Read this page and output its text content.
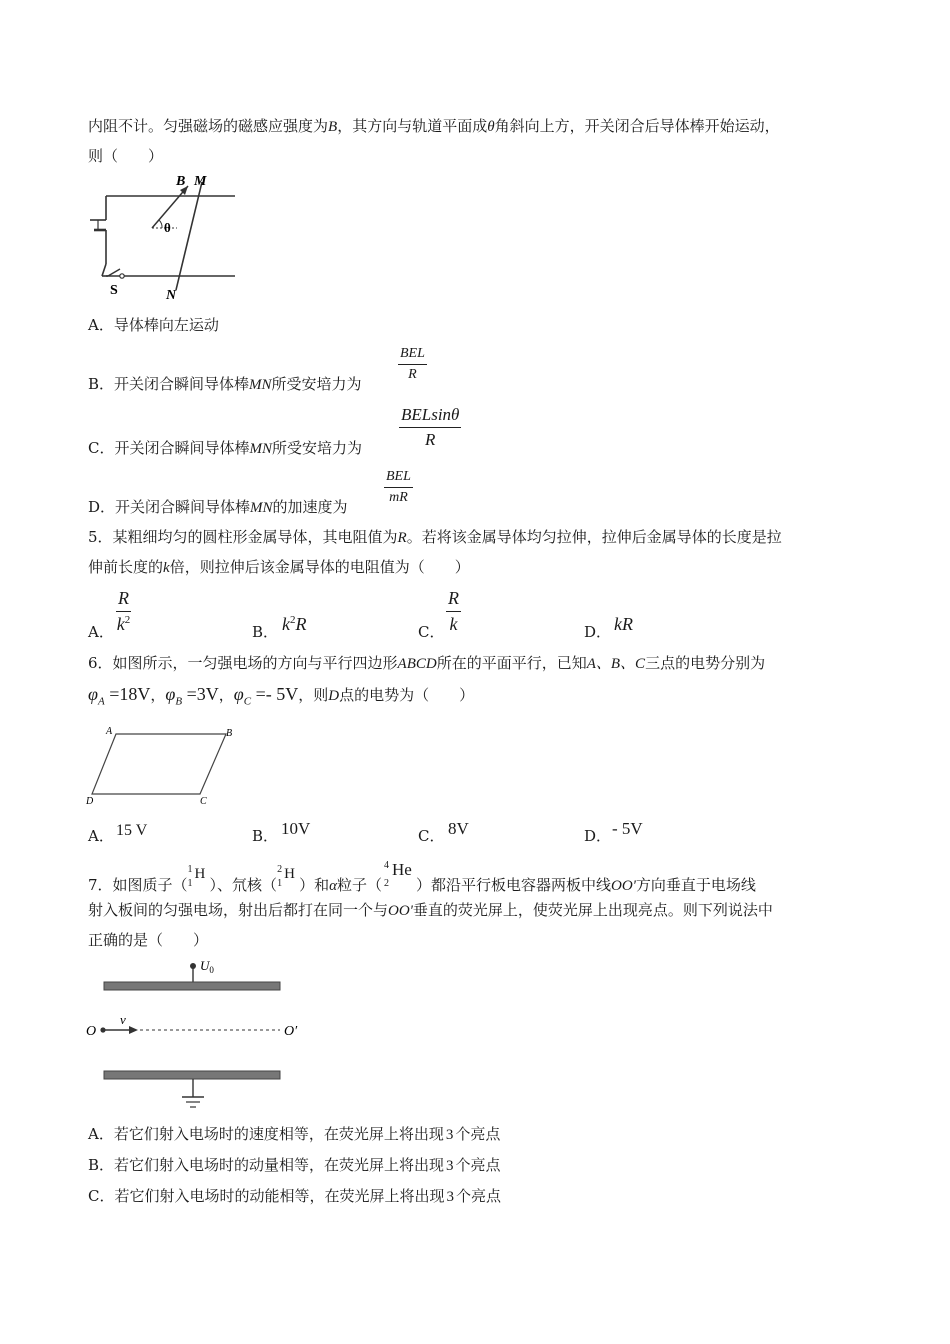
内阻不计。匀强磁场的磁感应强度为B，其方向与轨道平面成θ角斜向上方，开关闭合后导体棒开始运动，
则（　　）
B M
θ
S	N
A．导体棒向左运动
B．开关闭合瞬间导体棒MN所受安培力为
BEL
R
C．开关闭合瞬间导体棒MN所受安培力为
BELsinθ
R
D．开关闭合瞬间导体棒MN的加速度为
BEL
mR
5．某粗细均匀的圆柱形金属导体，其电阻值为R。若将该金属导体均匀拉伸，拉伸后金属导体的长度是拉
伸前长度的k倍，则拉伸后该金属导体的电阻值为（　　）
A． $\frac{R}{k^2}$	B． $k^2R$	C． $\frac{R}{k}$	D． kR
6．如图所示，一匀强电场的方向与平行四边形ABCD所在的平面平行，已知A、B、C三点的电势分别为
$\varphi_A =18V$，$\varphi_B =3V$，$\varphi_C =- 5V$，则D点的电势为（　　）
A	B
C
D
A． 15 V	B． 10V	C． 8V	D． - 5V
7．如图质子（
1
1
H
）、氘核（
2
1
H
）和α粒子（
4
2
He
）都沿平行板电容器两板中线OO'方向垂直于电场线
射入板间的匀强电场，射出后都打在同一个与OO'垂直的荧光屏上，使荧光屏上出现亮点。则下列说法中
正确的是（　　）
$U_0$
O
v
O′
A．若它们射入电场时的速度相等，在荧光屏上将出现 3 个亮点
B．若它们射入电场时的动量相等，在荧光屏上将出现 3 个亮点
C．若它们射入电场时的动能相等，在荧光屏上将出现 3 个亮点
